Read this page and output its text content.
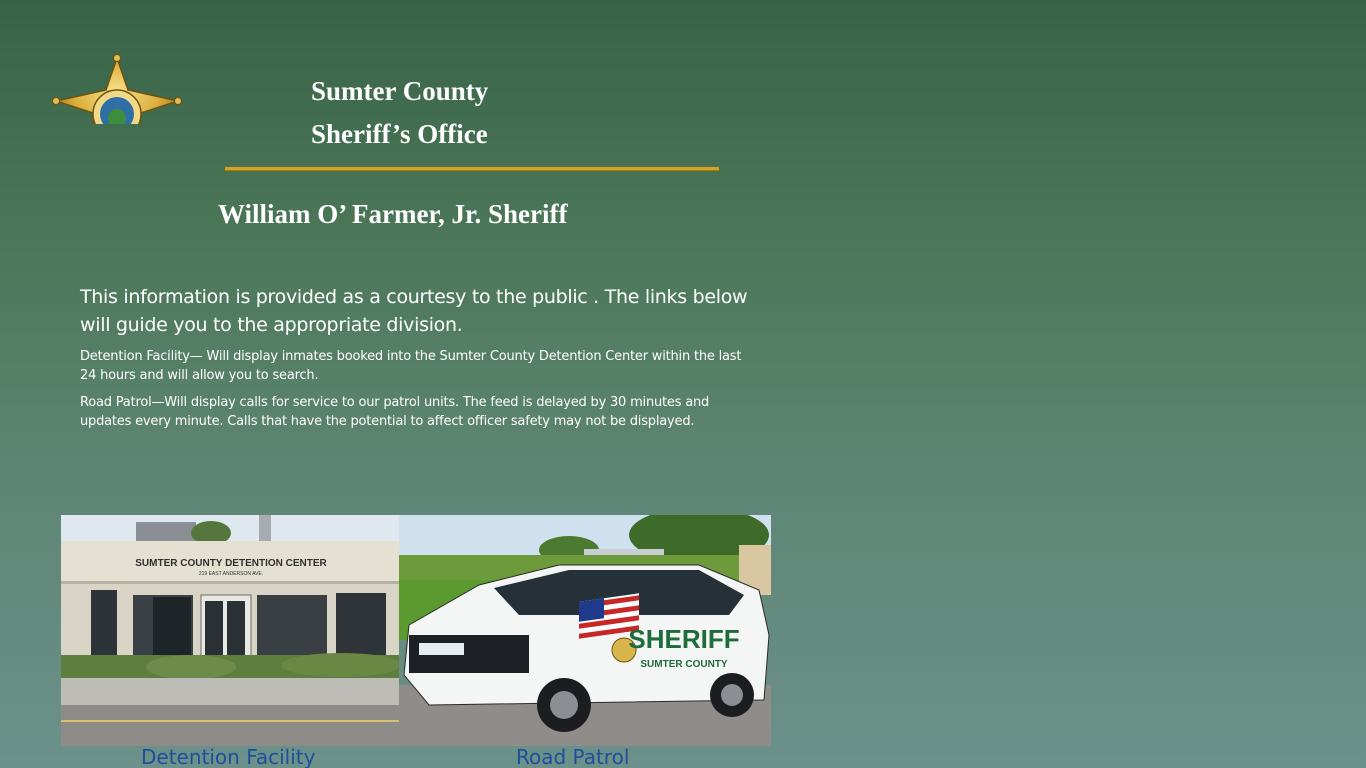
Sumter County
Sheriff’s Office
William O’ Farmer, Jr. Sheriff
This information is provided as a courtesy to the public . The links below will guide you to the appropriate division.
Detention Facility— Will display inmates booked into the Sumter County Detention Center within the last 24 hours and will allow you to search.
Road Patrol—Will display calls for service to our patrol units. The feed is delayed by 30 minutes and updates every minute. Calls that have the potential to affect officer safety may not be displayed.
SUMTER COUNTY DETENTION CENTER
219 EAST ANDERSON AVE.
SHERIFF
SUMTER COUNTY
Detention Facility	Road Patrol
